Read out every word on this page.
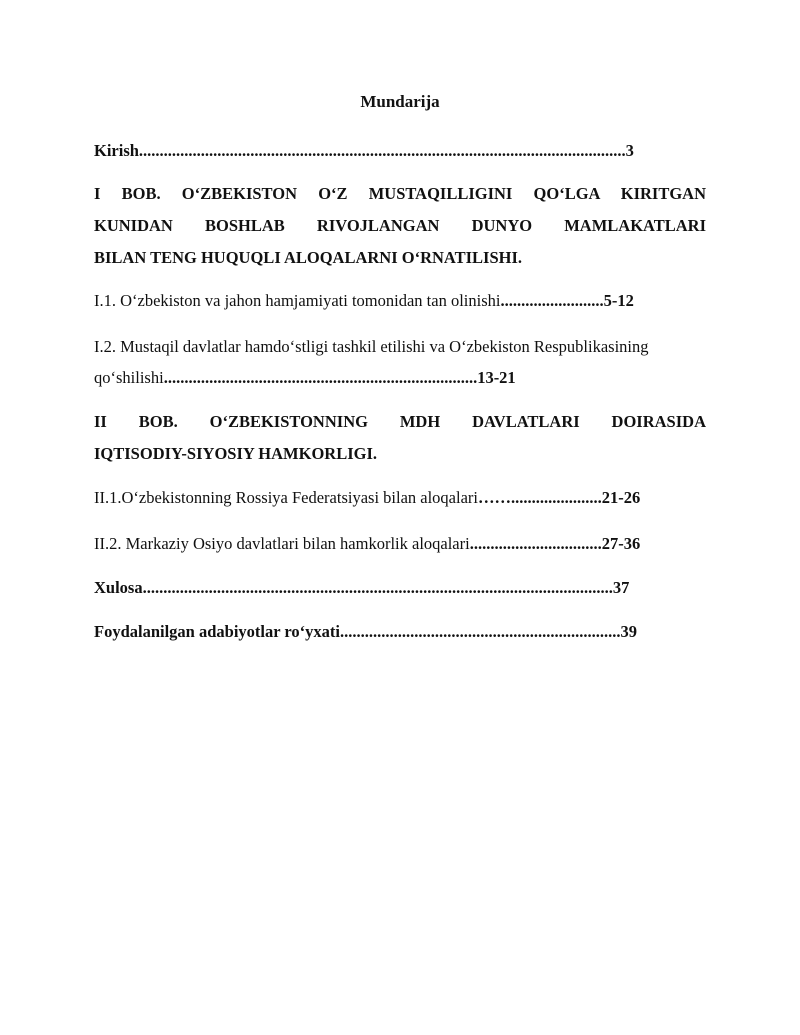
Mundarija
Kirish......................................................................................................................3
I BOB. O‘ZBEKISTON O‘Z MUSTAQILLIGINI QO‘LGA KIRITGAN
KUNIDAN BOSHLAB RIVOJLANGAN DUNYO MAMLAKATLARI
BILAN TENG HUQUQLI ALOQALARNI O‘RNATILISHI.
I.1. O‘zbekiston va jahon hamjamiyati tomonidan tan olinishi.........................5-12
I.2. Mustaqil davlatlar hamdo‘stligi tashkil etilishi va O‘zbekiston Respublikasining
qo‘shilishi............................................................................13-21
II BOB. O‘ZBEKISTONNING MDH DAVLATLARI DOIRASIDA
IQTISODIY-SIYOSIY HAMKORLIGI.
II.1.O‘zbekistonning Rossiya Federatsiyasi bilan aloqalari……......................21-26
II.2. Markaziy Osiyo davlatlari bilan hamkorlik aloqalari................................27-36
Xulosa..................................................................................................................37
Foydalanilgan adabiyotlar ro‘yxati....................................................................39
